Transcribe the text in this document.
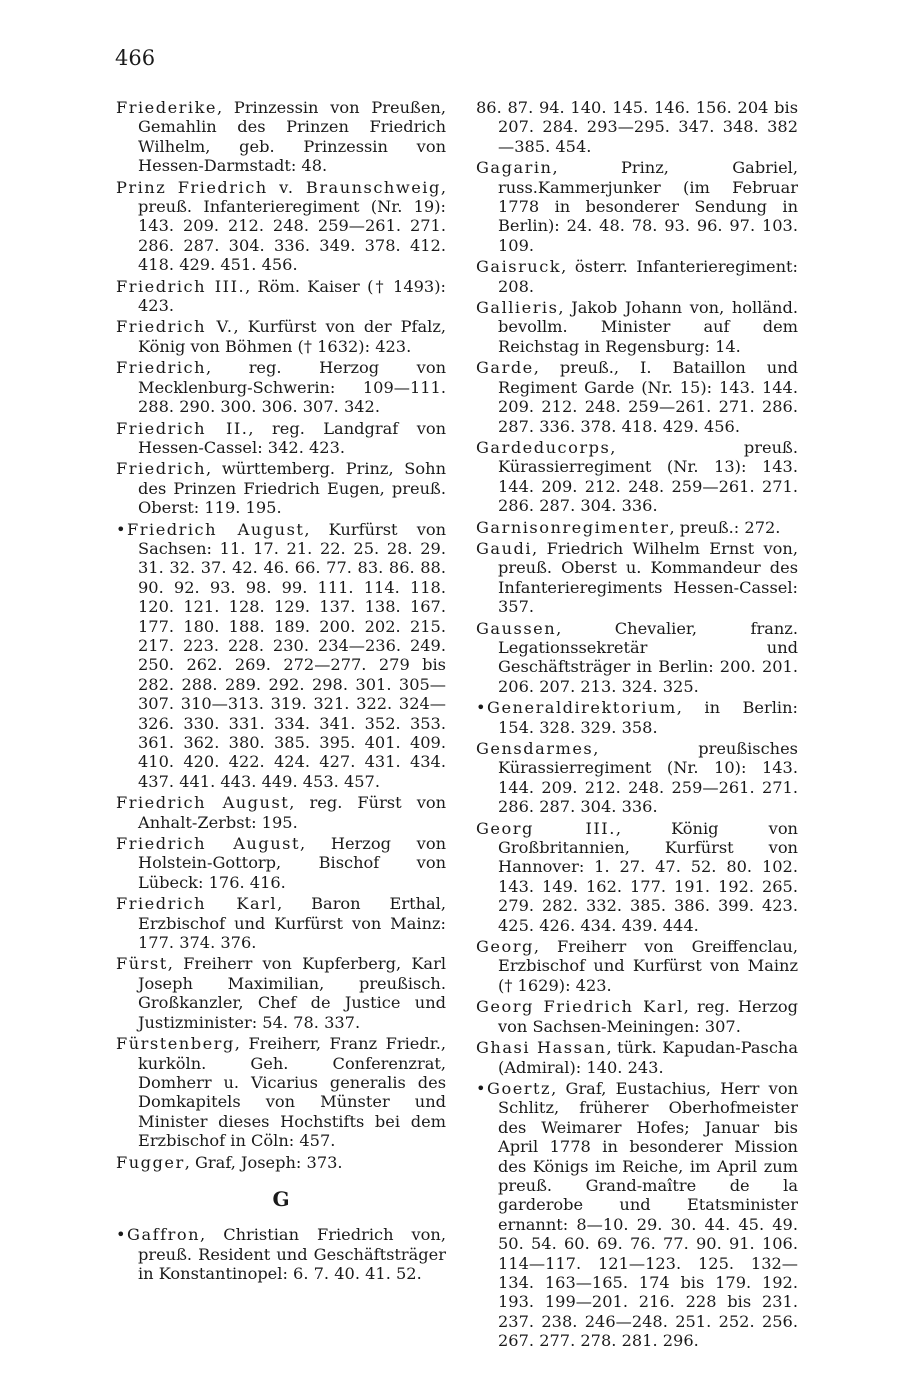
466

Friederike, Prinzessin von Preußen, Gemahlin des Prinzen Friedrich Wilhelm, geb. Prinzessin von Hessen-Darmstadt: 48.

Prinz Friedrich v. Braunschweig, preuß. Infanterieregiment (Nr. 19): 143. 209. 212. 248. 259—261. 271. 286. 287. 304. 336. 349. 378. 412. 418. 429. 451. 456.

Friedrich III., Röm. Kaiser († 1493): 423.

Friedrich V., Kurfürst von der Pfalz, König von Böhmen († 1632): 423.

Friedrich, reg. Herzog von Mecklenburg-Schwerin: 109—111. 288. 290. 300. 306. 307. 342.

Friedrich II., reg. Landgraf von Hessen-Cassel: 342. 423.

Friedrich, württemberg. Prinz, Sohn des Prinzen Friedrich Eugen, preuß. Oberst: 119. 195.

•Friedrich August, Kurfürst von Sachsen: 11. 17. 21. 22. 25. 28. 29. 31. 32. 37. 42. 46. 66. 77. 83. 86. 88. 90. 92. 93. 98. 99. 111. 114. 118. 120. 121. 128. 129. 137. 138. 167. 177. 180. 188. 189. 200. 202. 215. 217. 223. 228. 230. 234—236. 249. 250. 262. 269. 272—277. 279 bis 282. 288. 289. 292. 298. 301. 305—307. 310—313. 319. 321. 322. 324—326. 330. 331. 334. 341. 352. 353. 361. 362. 380. 385. 395. 401. 409. 410. 420. 422. 424. 427. 431. 434. 437. 441. 443. 449. 453. 457.

Friedrich August, reg. Fürst von Anhalt-Zerbst: 195.

Friedrich August, Herzog von Holstein-Gottorp, Bischof von Lübeck: 176. 416.

Friedrich Karl, Baron Erthal, Erzbischof und Kurfürst von Mainz: 177. 374. 376.

Fürst, Freiherr von Kupferberg, Karl Joseph Maximilian, preußisch. Großkanzler, Chef de Justice und Justizminister: 54. 78. 337.

Fürstenberg, Freiherr, Franz Friedr., kurköln. Geh. Conferenzrat, Domherr u. Vicarius generalis des Domkapitels von Münster und Minister dieses Hochstifts bei dem Erzbischof in Cöln: 457.

Fugger, Graf, Joseph: 373.

G

•Gaffron, Christian Friedrich von, preuß. Resident und Geschäftsträger in Konstantinopel: 6. 7. 40. 41. 52.

86. 87. 94. 140. 145. 146. 156. 204 bis 207. 284. 293—295. 347. 348. 382—385. 454.

Gagarin, Prinz, Gabriel, russ.Kammerjunker (im Februar 1778 in besonderer Sendung in Berlin): 24. 48. 78. 93. 96. 97. 103. 109.

Gaisruck, österr. Infanterieregiment: 208.

Gallieris, Jakob Johann von, holländ. bevollm. Minister auf dem Reichstag in Regensburg: 14.

Garde, preuß., I. Bataillon und Regiment Garde (Nr. 15): 143. 144. 209. 212. 248. 259—261. 271. 286. 287. 336. 378. 418. 429. 456.

Gardeducorps, preuß. Kürassierregiment (Nr. 13): 143. 144. 209. 212. 248. 259—261. 271. 286. 287. 304. 336.

Garnisonregimenter, preuß.: 272.

Gaudi, Friedrich Wilhelm Ernst von, preuß. Oberst u. Kommandeur des Infanterieregiments Hessen-Cassel: 357.

Gaussen, Chevalier, franz. Legationssekretär und Geschäftsträger in Berlin: 200. 201. 206. 207. 213. 324. 325.

•Generaldirektorium, in Berlin: 154. 328. 329. 358.

Gensdarmes, preußisches Kürassierregiment (Nr. 10): 143. 144. 209. 212. 248. 259—261. 271. 286. 287. 304. 336.

Georg III., König von Großbritannien, Kurfürst von Hannover: 1. 27. 47. 52. 80. 102. 143. 149. 162. 177. 191. 192. 265. 279. 282. 332. 385. 386. 399. 423. 425. 426. 434. 439. 444.

Georg, Freiherr von Greiffenclau, Erzbischof und Kurfürst von Mainz († 1629): 423.

Georg Friedrich Karl, reg. Herzog von Sachsen-Meiningen: 307.

Ghasi Hassan, türk. Kapudan-Pascha (Admiral): 140. 243.

•Goertz, Graf, Eustachius, Herr von Schlitz, früherer Oberhofmeister des Weimarer Hofes; Januar bis April 1778 in besonderer Mission des Königs im Reiche, im April zum preuß. Grand-maître de la garderobe und Etatsminister ernannt: 8—10. 29. 30. 44. 45. 49. 50. 54. 60. 69. 76. 77. 90. 91. 106. 114—117. 121—123. 125. 132—134. 163—165. 174 bis 179. 192. 193. 199—201. 216. 228 bis 231. 237. 238. 246—248. 251. 252. 256. 267. 277. 278. 281. 296.
